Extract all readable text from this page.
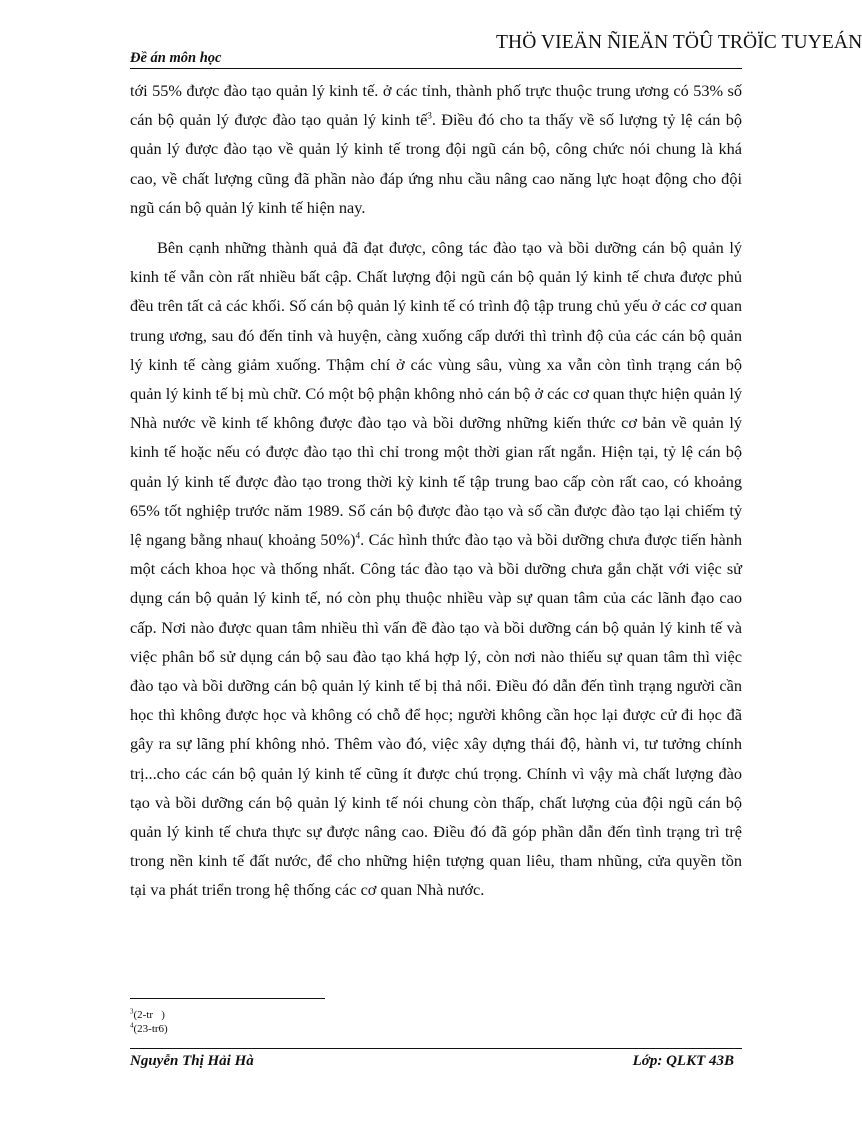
THÖ VIEÄN ÑIEÄN TÖÛ TRÖÏC TUYEÁN
Đề án môn học

tới 55% được đào tạo quản lý kinh tế. ở các tỉnh, thành phố trực thuộc trung ương có 53% số cán bộ quản lý được đào tạo quản lý kinh tế$^3$. Điều đó cho ta thấy về số lượng tỷ lệ cán bộ quản lý được đào tạo về quản lý kinh tế trong đội ngũ cán bộ, công chức nói chung là khá cao, về chất lượng cũng đã phần nào đáp ứng nhu cầu nâng cao năng lực hoạt động cho đội ngũ cán bộ quản lý kinh tế hiện nay.

Bên cạnh những thành quả đã đạt được, công tác đào tạo và bồi dưỡng cán bộ quản lý kinh tế vẫn còn rất nhiều bất cập. Chất lượng đội ngũ cán bộ quản lý kinh tế chưa được phủ đều trên tất cả các khối. Số cán bộ quản lý kinh tế có trình độ tập trung chủ yếu ở các cơ quan trung ương, sau đó đến tỉnh và huyện, càng xuống cấp dưới thì trình độ của các cán bộ quản lý kinh tế càng giảm xuống. Thậm chí ở các vùng sâu, vùng xa vẫn còn tình trạng cán bộ quản lý kinh tế bị mù chữ. Có một bộ phận không nhỏ cán bộ ở các cơ quan thực hiện quản lý Nhà nước về kinh tế không được đào tạo và bồi dưỡng những kiến thức cơ bản về quản lý kinh tế hoặc nếu có được đào tạo thì chỉ trong một thời gian rất ngắn. Hiện tại, tỷ lệ cán bộ quản lý kinh tế được đào tạo trong thời kỳ kinh tế tập trung bao cấp còn rất cao, có khoảng 65% tốt nghiệp trước năm 1989. Số cán bộ được đào tạo và số cần được đào tạo lại chiếm tỷ lệ ngang bằng nhau( khoảng 50%)$^4$. Các hình thức đào tạo và bồi dưỡng chưa được tiến hành một cách khoa học và thống nhất. Công tác đào tạo và bồi dưỡng chưa gắn chặt với việc sử dụng cán bộ quản lý kinh tế, nó còn phụ thuộc nhiều vàp sự quan tâm của các lãnh đạo cao cấp. Nơi nào được quan tâm nhiều thì vấn đề đào tạo và bồi dưỡng cán bộ quản lý kinh tế và việc phân bổ sử dụng cán bộ sau đào tạo khá hợp lý, còn nơi nào thiếu sự quan tâm thì việc đào tạo và bồi dưỡng cán bộ quản lý kinh tế bị thả nổi. Điều đó dẫn đến tình trạng người cần học thì không được học và không có chỗ để học; người không cần học lại được cử đi học đã gây ra sự lãng phí không nhỏ. Thêm vào đó, việc xây dựng thái độ, hành vi, tư tưởng chính trị...cho các cán bộ quản lý kinh tế cũng ít được chú trọng. Chính vì vậy mà chất lượng đào tạo và bồi dưỡng cán bộ quản lý kinh tế nói chung còn thấp, chất lượng của đội ngũ cán bộ quản lý kinh tế chưa thực sự được nâng cao. Điều đó đã góp phần dẫn đến tình trạng trì trệ trong nền kinh tế đất nước, để cho những hiện tượng quan liêu, tham nhũng, cửa quyền tồn tại va phát triển trong hệ thống các cơ quan Nhà nước.

$^3$(2-tr   )
$^4$(23-tr6)
Nguyễn Thị Hải Hà	Lớp: QLKT 43B
